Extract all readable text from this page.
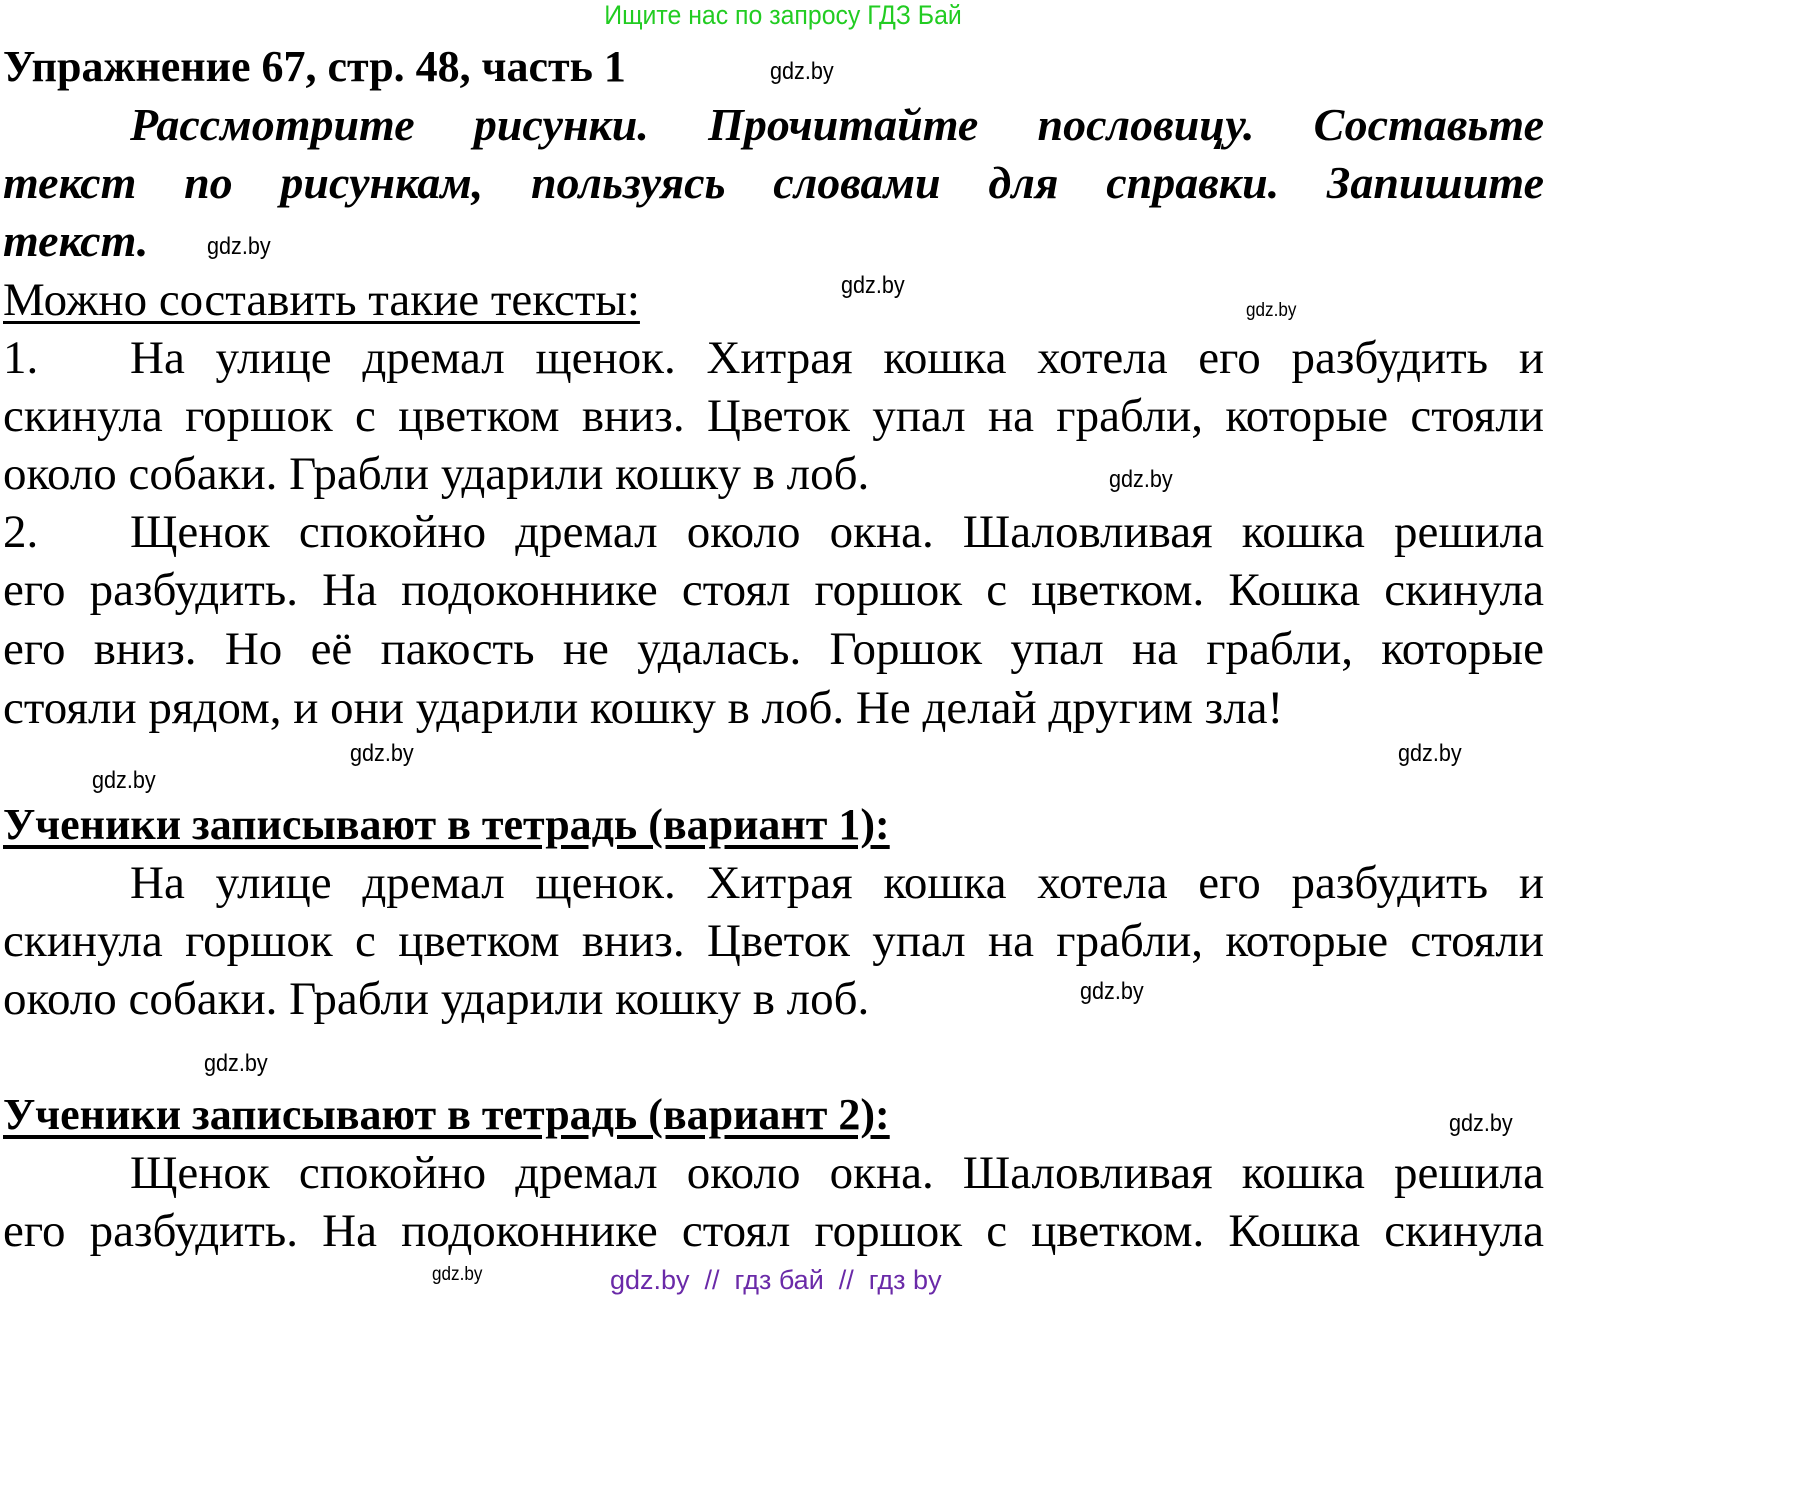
Ищите нас по запросу ГДЗ Бай
Упражнение 67, стр. 48, часть 1
Рассмотрите рисунки. Прочитайте пословицу. Составьте
текст по рисункам, пользуясь словами для справки. Запишите
текст.
Можно составить такие тексты:
1. На улице дремал щенок. Хитрая кошка хотела его разбудить и
скинула горшок с цветком вниз. Цветок упал на грабли, которые стояли
около собаки. Грабли ударили кошку в лоб.
2. Щенок спокойно дремал около окна. Шаловливая кошка решила
его разбудить. На подоконнике стоял горшок с цветком. Кошка скинула
его вниз. Но её пакость не удалась. Горшок упал на грабли, которые
стояли рядом, и они ударили кошку в лоб. Не делай другим зла!
Ученики записывают в тетрадь (вариант 1):
На улице дремал щенок. Хитрая кошка хотела его разбудить и
скинула горшок с цветком вниз. Цветок упал на грабли, которые стояли
около собаки. Грабли ударили кошку в лоб.
Ученики записывают в тетрадь (вариант 2):
Щенок спокойно дремал около окна. Шаловливая кошка решила
его разбудить. На подоконнике стоял горшок с цветком. Кошка скинула
gdz.by
gdz.by
gdz.by
gdz.by
gdz.by
gdz.by
gdz.by
gdz.by
gdz.by
gdz.by
gdz.by
gdz.by	gdz.by  //  гдз бай  //  гдз by
